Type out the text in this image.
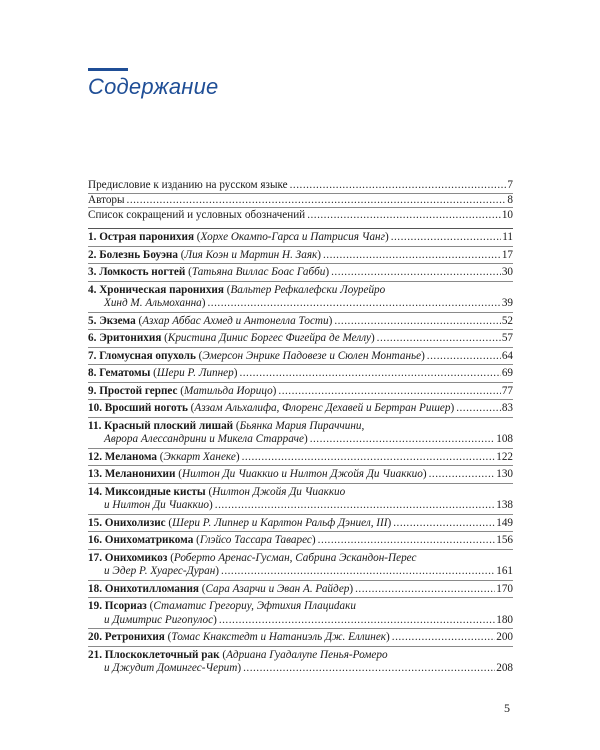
Содержание
Предисловие к изданию на русском языке .....	7
Авторы .....	8
Список сокращений и условных обозначений .....	10
1. Острая паронихия (Хорхе Окампо-Гарса и Патрисия Чанг) .....	11
2. Болезнь Боуэна (Лия Коэн и Мартин Н. Заяк) .....	17
3. Ломкость ногтей (Татьяна Виллас Боас Габби) .....	30
4. Хроническая паронихия (Вальтер Рефкалефски Лоурейро
Хинд М. Альмоханна) .....	39
5. Экзема (Азхар Аббас Ахмед и Антонелла Тости) .....	52
6. Эритонихия (Кристина Диниc Боргес Фигейра де Меллу) .....	57
7. Гломусная опухоль (Эмерсон Энрике Падовезе и Сюлен Монтанье) .....	64
8. Гематомы (Шери Р. Липнер) .....	69
9. Простой герпес (Матильда Иорицо) .....	77
10. Вросший ноготь (Аззам Альхалифа, Флоренс Дехавей и Бертран Ришер) .....	83
11. Красный плоский лишай (Бьянка Мария Пираччини,
Аврора Алессандрини и Микела Старраче) .....	108
12. Меланома (Эккарт Ханеке) .....	122
13. Меланонихии (Нилтон Ди Чиаккио и Нилтон Джойя Ди Чиаккио) .....	130
14. Миксоидные кисты (Нилтон Джойя Ди Чиаккио
и Нилтон Ди Чиаккио) .....	138
15. Онихолизис (Шери Р. Липнер и Карлтон Ральф Дэниел, III) .....	149
16. Ониxоматрикома (Глэйсо Тассара Таварес) .....	156
17. Онихомикоз (Роберто Аренас-Гусман, Сабрина Эскандон-Перес
и Эдер Р. Хуарес-Дуран) .....	161
18. Онихотилломания (Сара Азарчи и Эван А. Райдер) .....	170
19. Псориаз (Стаматис Грегориу, Эфтихия Плациdaки
и Димитрис Ригопулос) .....	180
20. Ретронихия (Томас Кнакстедт и Натаниэль Дж. Еллинек) .....	200
21. Плоскоклеточный рак (Адриана Гуадалупе Пенья-Ромеро
и Джудит Домингес-Черит) .....	208
5
